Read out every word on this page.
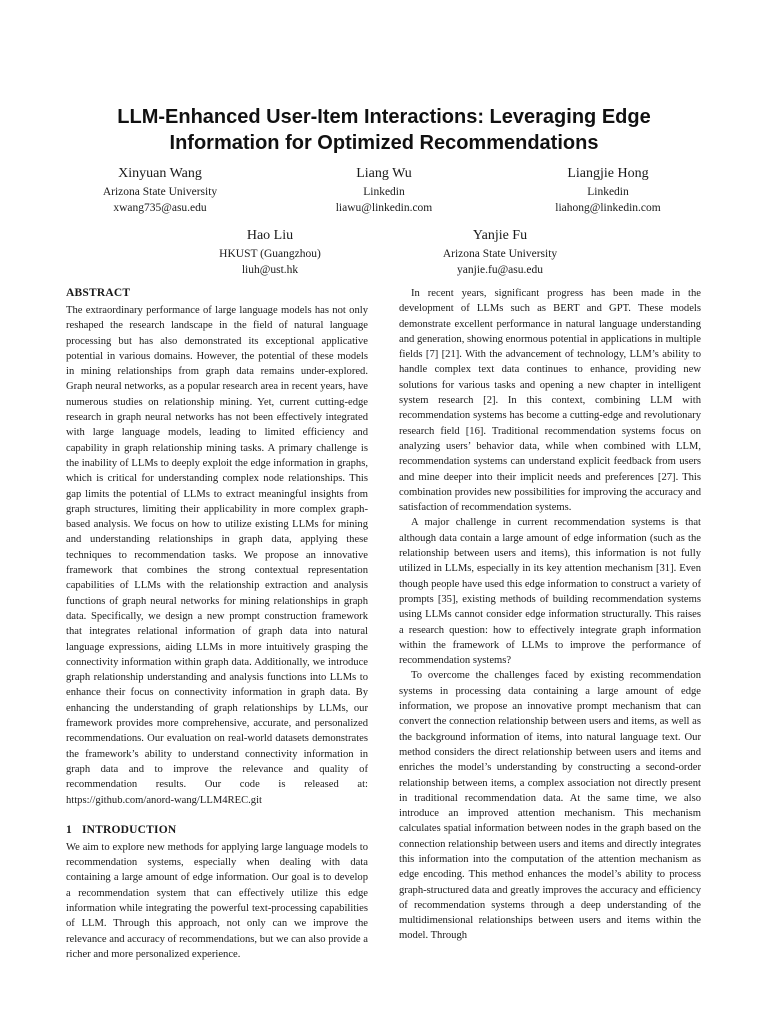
LLM-Enhanced User-Item Interactions: Leveraging Edge Information for Optimized Recommendations
Xinyuan Wang
Arizona State University
xwang735@asu.edu
Liang Wu
Linkedin
liawu@linkedin.com
Liangjie Hong
Linkedin
liahong@linkedin.com
Hao Liu
HKUST (Guangzhou)
liuh@ust.hk
Yanjie Fu
Arizona State University
yanjie.fu@asu.edu
ABSTRACT

The extraordinary performance of large language models has not only reshaped the research landscape in the field of natural language processing but has also demonstrated its exceptional applicative potential in various domains. However, the potential of these models in mining relationships from graph data remains under-explored. Graph neural networks, as a popular research area in recent years, have numerous studies on relationship mining. Yet, current cutting-edge research in graph neural networks has not been effectively integrated with large language models, leading to limited efficiency and capability in graph relationship mining tasks. A primary challenge is the inability of LLMs to deeply exploit the edge information in graphs, which is critical for understanding complex node relationships. This gap limits the potential of LLMs to extract meaningful insights from graph structures, limiting their applicability in more complex graph-based analysis. We focus on how to utilize existing LLMs for mining and understanding relationships in graph data, applying these techniques to recommendation tasks. We propose an innovative framework that combines the strong contextual representation capabilities of LLMs with the relationship extraction and analysis functions of graph neural networks for mining relationships in graph data. Specifically, we design a new prompt construction framework that integrates relational information of graph data into natural language expressions, aiding LLMs in more intuitively grasping the connectivity information within graph data. Additionally, we introduce graph relationship understanding and analysis functions into LLMs to enhance their focus on connectivity information in graph data. By enhancing the understanding of graph relationships by LLMs, our framework provides more comprehensive, accurate, and personalized recommendations. Our evaluation on real-world datasets demonstrates the framework’s ability to understand connectivity information in graph data and to improve the relevance and quality of recommendation results. Our code is released at: https://github.com/anord-wang/LLM4REC.git

1 INTRODUCTION

We aim to explore new methods for applying large language models to recommendation systems, especially when dealing with data containing a large amount of edge information. Our goal is to develop a recommendation system that can effectively utilize this edge information while integrating the powerful text-processing capabilities of LLM. Through this approach, not only can we improve the relevance and accuracy of recommendations, but we can also provide a richer and more personalized experience.

In recent years, significant progress has been made in the development of LLMs such as BERT and GPT. These models demonstrate excellent performance in natural language understanding and generation, showing enormous potential in applications in multiple fields [7] [21]. With the advancement of technology, LLM’s ability to handle complex text data continues to enhance, providing new solutions for various tasks and opening a new chapter in intelligent system research [2]. In this context, combining LLM with recommendation systems has become a cutting-edge and revolutionary research field [16]. Traditional recommendation systems focus on analyzing users’ behavior data, while when combined with LLM, recommendation systems can understand explicit feedback from users and mine deeper into their implicit needs and preferences [27]. This combination provides new possibilities for improving the accuracy and satisfaction of recommendation systems.

A major challenge in current recommendation systems is that although data contain a large amount of edge information (such as the relationship between users and items), this information is not fully utilized in LLMs, especially in its key attention mechanism [31]. Even though people have used this edge information to construct a variety of prompts [35], existing methods of building recommendation systems using LLMs cannot consider edge information structurally. This raises a research question: how to effectively integrate graph information within the framework of LLMs to improve the performance of recommendation systems?

To overcome the challenges faced by existing recommendation systems in processing data containing a large amount of edge information, we propose an innovative prompt mechanism that can convert the connection relationship between users and items, as well as the background information of items, into natural language text. Our method considers the direct relationship between users and items and enriches the model’s understanding by constructing a second-order relationship between items, a complex association not directly present in traditional recommendation data. At the same time, we also introduce an improved attention mechanism. This mechanism calculates spatial information between nodes in the graph based on the connection relationship between users and items and directly integrates this information into the computation of the attention mechanism as edge encoding. This method enhances the model’s ability to process graph-structured data and greatly improves the accuracy and efficiency of recommendation systems through a deep understanding of the multidimensional relationships between users and items within the model. Through
